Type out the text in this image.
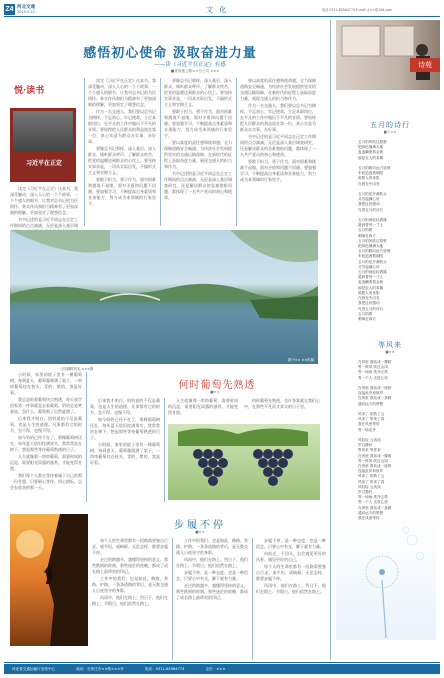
Z4 河北交通
2015.5.22	文 化	电话 0311-85564774 E-mail ×××@126.com
感悟初心使命 汲取奋进力量
——读《习近平在正定》有感
■省高速公路××分公司 ×××
悦·读书
习近平在正定

读完《习近平在正定》这本书，我深受触动，深入人心的一个个故事，一个个感人的细节，让我对总书记的为民情怀、务实作风和担当精神有了更加深刻的理解，更加坚定了理想信念。

书中记述的是习近平同志在正定工作期间的点点滴滴，无论是深入基层调

读完《习近平在正定》这本书，我深受触动，深入人心的一个个故事，一个个感人的细节，让我对总书记的为民情怀、务实作风和担当精神有了更加深刻的理解，更加坚定了理想信念。

作为一名交通人，我们要以总书记为榜样，不忘初心、牢记使命，立足本职岗位，在平凡的工作中做出不平凡的业绩。要始终把人民群众的利益放在第一位，真心实意为群众办实事、办好事。

要像总书记那样，深入基层，深入群众，倾听群众呼声，了解群众疾苦，把党的温暖送到群众的心坎上。要坚持实事求是，一切从实际出发，不搞形式主义和官僚主义。

要敢于担当，勇于作为，面对困难和挑战不退缩，面对矛盾和问题不回避。要加强学习，不断提高自身素质和业务能力，努力成为本领域的行家里手。

要像总书记那样，深入基层，深入群众，倾听群众呼声，了解群众疾苦，把党的温暖送到群众的心坎上。要坚持实事求是，一切从实际出发，不搞形式主义和官僚主义。

要敢于担当，勇于作为，面对困难和挑战不退缩，面对矛盾和问题不回避。要加强学习，不断提高自身素质和业务能力，努力成为本领域的行家里手。

要以高度的责任感和使命感，全力保障道路安全畅通，为经济社会发展提供坚实的交通运输保障，在新时代的征程上汲取奋进力量，展现交通人的担当和作为。

书中记述的是习近平同志在正定工作期间的点点滴滴，无论是深入基层调查研究，还是解决群众的急难愁盼问题，都体现了一名共产党员的初心和使命。

要以高度的责任感和使命感，全力保障道路安全畅通，为经济社会发展提供坚实的交通运输保障，在新时代的征程上汲取奋进力量，展现交通人的担当和作为。

作为一名交通人，我们要以总书记为榜样，不忘初心、牢记使命，立足本职岗位，在平凡的工作中做出不平凡的业绩。要始终把人民群众的利益放在第一位，真心实意为群众办实事、办好事。

书中记述的是习近平同志在正定工作期间的点点滴滴，无论是深入基层调查研究，还是解决群众的急难愁盼问题，都体现了一名共产党员的初心和使命。

要敢于担当，勇于作为，面对困难和挑战不退缩，面对矛盾和问题不回避。要加强学习，不断提高自身素质和业务能力，努力成为本领域的行家里手。

摄于×× ××供稿
公园湖畔风光 ×××摄
诗苑
五月的诗行
■王××
五月的风吹过原野
把绿色铺满大地
麦浪翻滚着金黄
那是农人的希冀

五月的路向远方延伸
车轮追逐着朝阳
筑路人的身影
在晨光中闪亮

五月的花开满枝头
芬芳溢满心房
我把这份感动
写进五月的诗行

五月的雨轻轻洒落
滋润着每一寸土
五月的歌
唱响在四方
五月的风吹过原野
把绿色铺满大地
五月的路向远方延伸
车轮追逐着朝阳
五月的花开满枝头
芬芳溢满心房
五月的雨轻轻洒落
滋润着每一寸土
麦浪翻滚着金黄
那是农人的希冀
筑路人的身影
在晨光中闪亮
我把这份感动
写进五月的诗行
五月的歌
唱响在四方
等风来
■××
在风里 我站成一棵树
等一阵风 吹过山岗
等一场雨 洗净尘埃
等一个人 走进心里

在风里 我站成一座桥
连接此岸和彼岸
在风里 我站成一条路
通向远方的梦想

风来了 吹散了云
风来了 带来了春
我在风里等待
等一场花开

风轻轻 云淡淡
岁月静好
等风来 等你来
在风里 我站成一棵树
等一阵风 吹过山岗
在风里 我站成一座桥
连接此岸和彼岸
风来了 吹散了云
风来了 带来了春
风轻轻 云淡淡
岁月静好
等一场雨 洗净尘埃
等一个人 走进心里
在风里 我站成一条路
通向远方的梦想
我在风里等待
何时葡萄先熟透
■××

小时候，家里的院子里有一棵葡萄树，每到夏天，葡萄藤爬满了架子，一串串葡萄挂在枝头，青的、紫的，煞是好看。

我总是盼着葡萄快点熟透，每天放学回家第一件事就是去看葡萄，奶奶总是笑着说，急什么，葡萄熟了自然就甜了。

后来我才明白，奶奶说的不仅是葡萄，也是人生的道理。凡事都有它的时节，急不得，也慢不得。

如今奶奶已经不在了，那棵葡萄树还在，每年夏天依旧挂满果实，我常常站在树下，想起那些等待葡萄熟透的日子。

人生就像那一串串葡萄，需要时间的沉淀，需要阳光雨露的滋养，才能变得甘甜。

我们每个人都在等待着属于自己的那一份甘甜，只要耐心等待，用心耕耘，总会有收获的那一天。

后来我才明白，奶奶说的不仅是葡萄，也是人生的道理。凡事都有它的时节，急不得，也慢不得。

如今奶奶已经不在了，那棵葡萄树还在，每年夏天依旧挂满果实，我常常站在树下，想起那些等待葡萄熟透的日子。

小时候，家里的院子里有一棵葡萄树，每到夏天，葡萄藤爬满了架子，一串串葡萄挂在枝头，青的、紫的，煞是好看。

人生就像那一串串葡萄，需要时间的沉淀，需要阳光雨露的滋养，才能变得甘甜。

何时葡萄先熟透，也许答案就在我们心中，在那些平凡而又真实的日子里。

步履不停
■××

每个人的生命里都有一段路需要独自行走，或平坦，或崎岖，无论怎样，都要步履不停。

走过的路越多，越懂得坚持的意义，那些跌倒的时刻，那些迷茫的夜晚，都成了成长路上最珍贵的印记。

工作中的我们，也是如此。修路、养路、护路，一条条道路的背后，是无数交通人日夜坚守的身影。

风雨中，他们在路上；烈日下，他们在路上；节假日，他们依然在路上。

工作中的我们，也是如此。修路、养路、护路，一条条道路的背后，是无数交通人日夜坚守的身影。

风雨中，他们在路上；烈日下，他们在路上；节假日，他们依然在路上。

步履不停，是一种态度，也是一种信念。只要心中有光，脚下就有力量。

走过的路越多，越懂得坚持的意义，那些跌倒的时刻，那些迷茫的夜晚，都成了成长路上最珍贵的印记。

步履不停，是一种态度，也是一种信念。只要心中有光，脚下就有力量。

向前走，不回头，总会遇见更好的风景，遇见更好的自己。

每个人的生命里都有一段路需要独自行走，或平坦，或崎岖，无论怎样，都要步履不停。

风雨中，他们在路上；烈日下，他们在路上；节假日，他们依然在路上。

河北省交通运输厅宣传中心	地址：石家庄市××路×××号	电话：0311-85564774	定价：×××
